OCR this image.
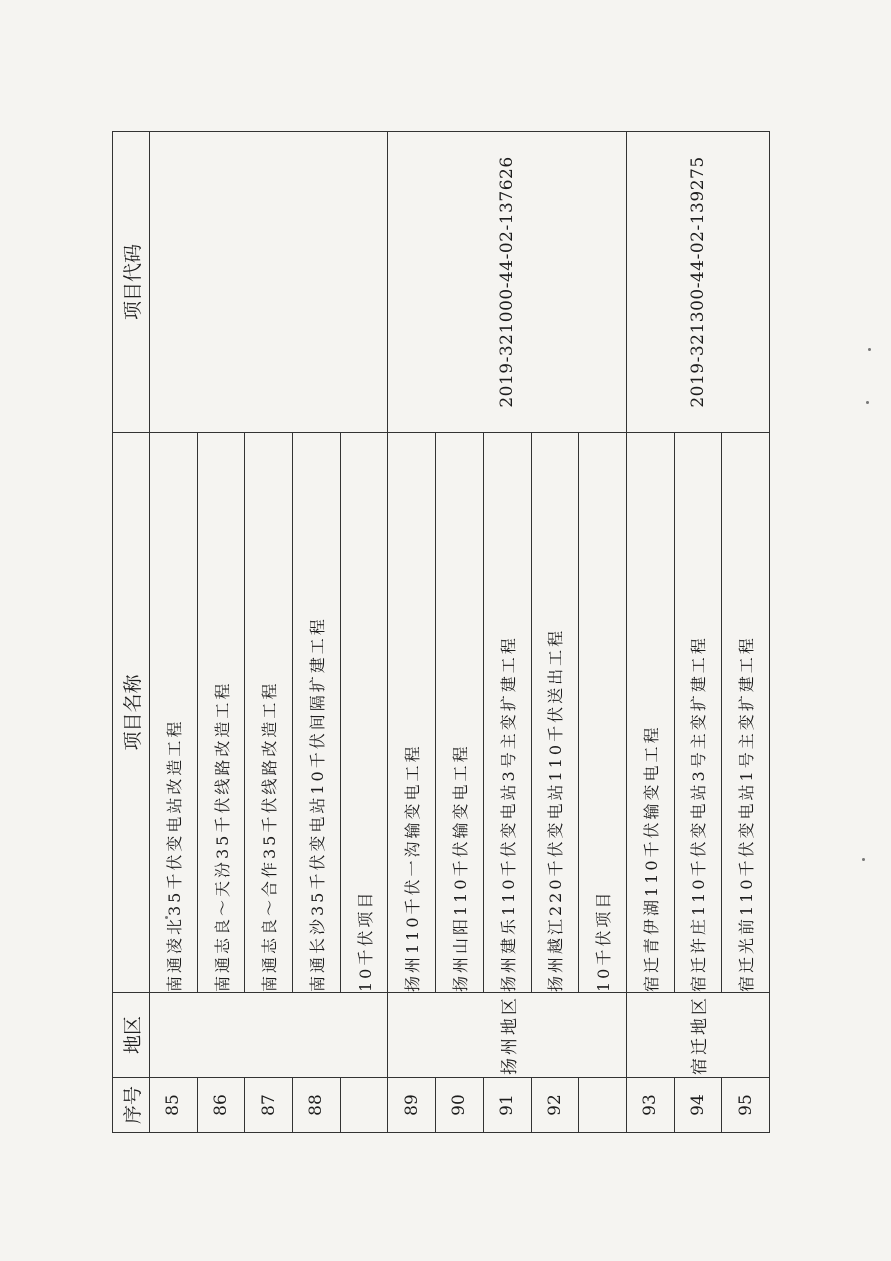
序号	地区	项目名称	项目代码
85		南通凌北35千伏变电站改造工程	
86		南通志良～天汾35千伏线路改造工程	
87		南通志良～合作35千伏线路改造工程	
88		南通长沙35千伏变电站10千伏间隔扩建工程	
		10千伏项目	
89	扬州地区	扬州110千伏一沟输变电工程	2019-321000-44-02-137626
90		扬州山阳110千伏输变电工程	
91		扬州建乐110千伏变电站3号主变扩建工程	
92		扬州越江220千伏变电站110千伏送出工程	
		10千伏项目	
93	宿迁地区	宿迁青伊湖110千伏输变电工程	2019-321300-44-02-139275
94		宿迁许庄110千伏变电站3号主变扩建工程	
95		宿迁光前110千伏变电站1号主变扩建工程	
